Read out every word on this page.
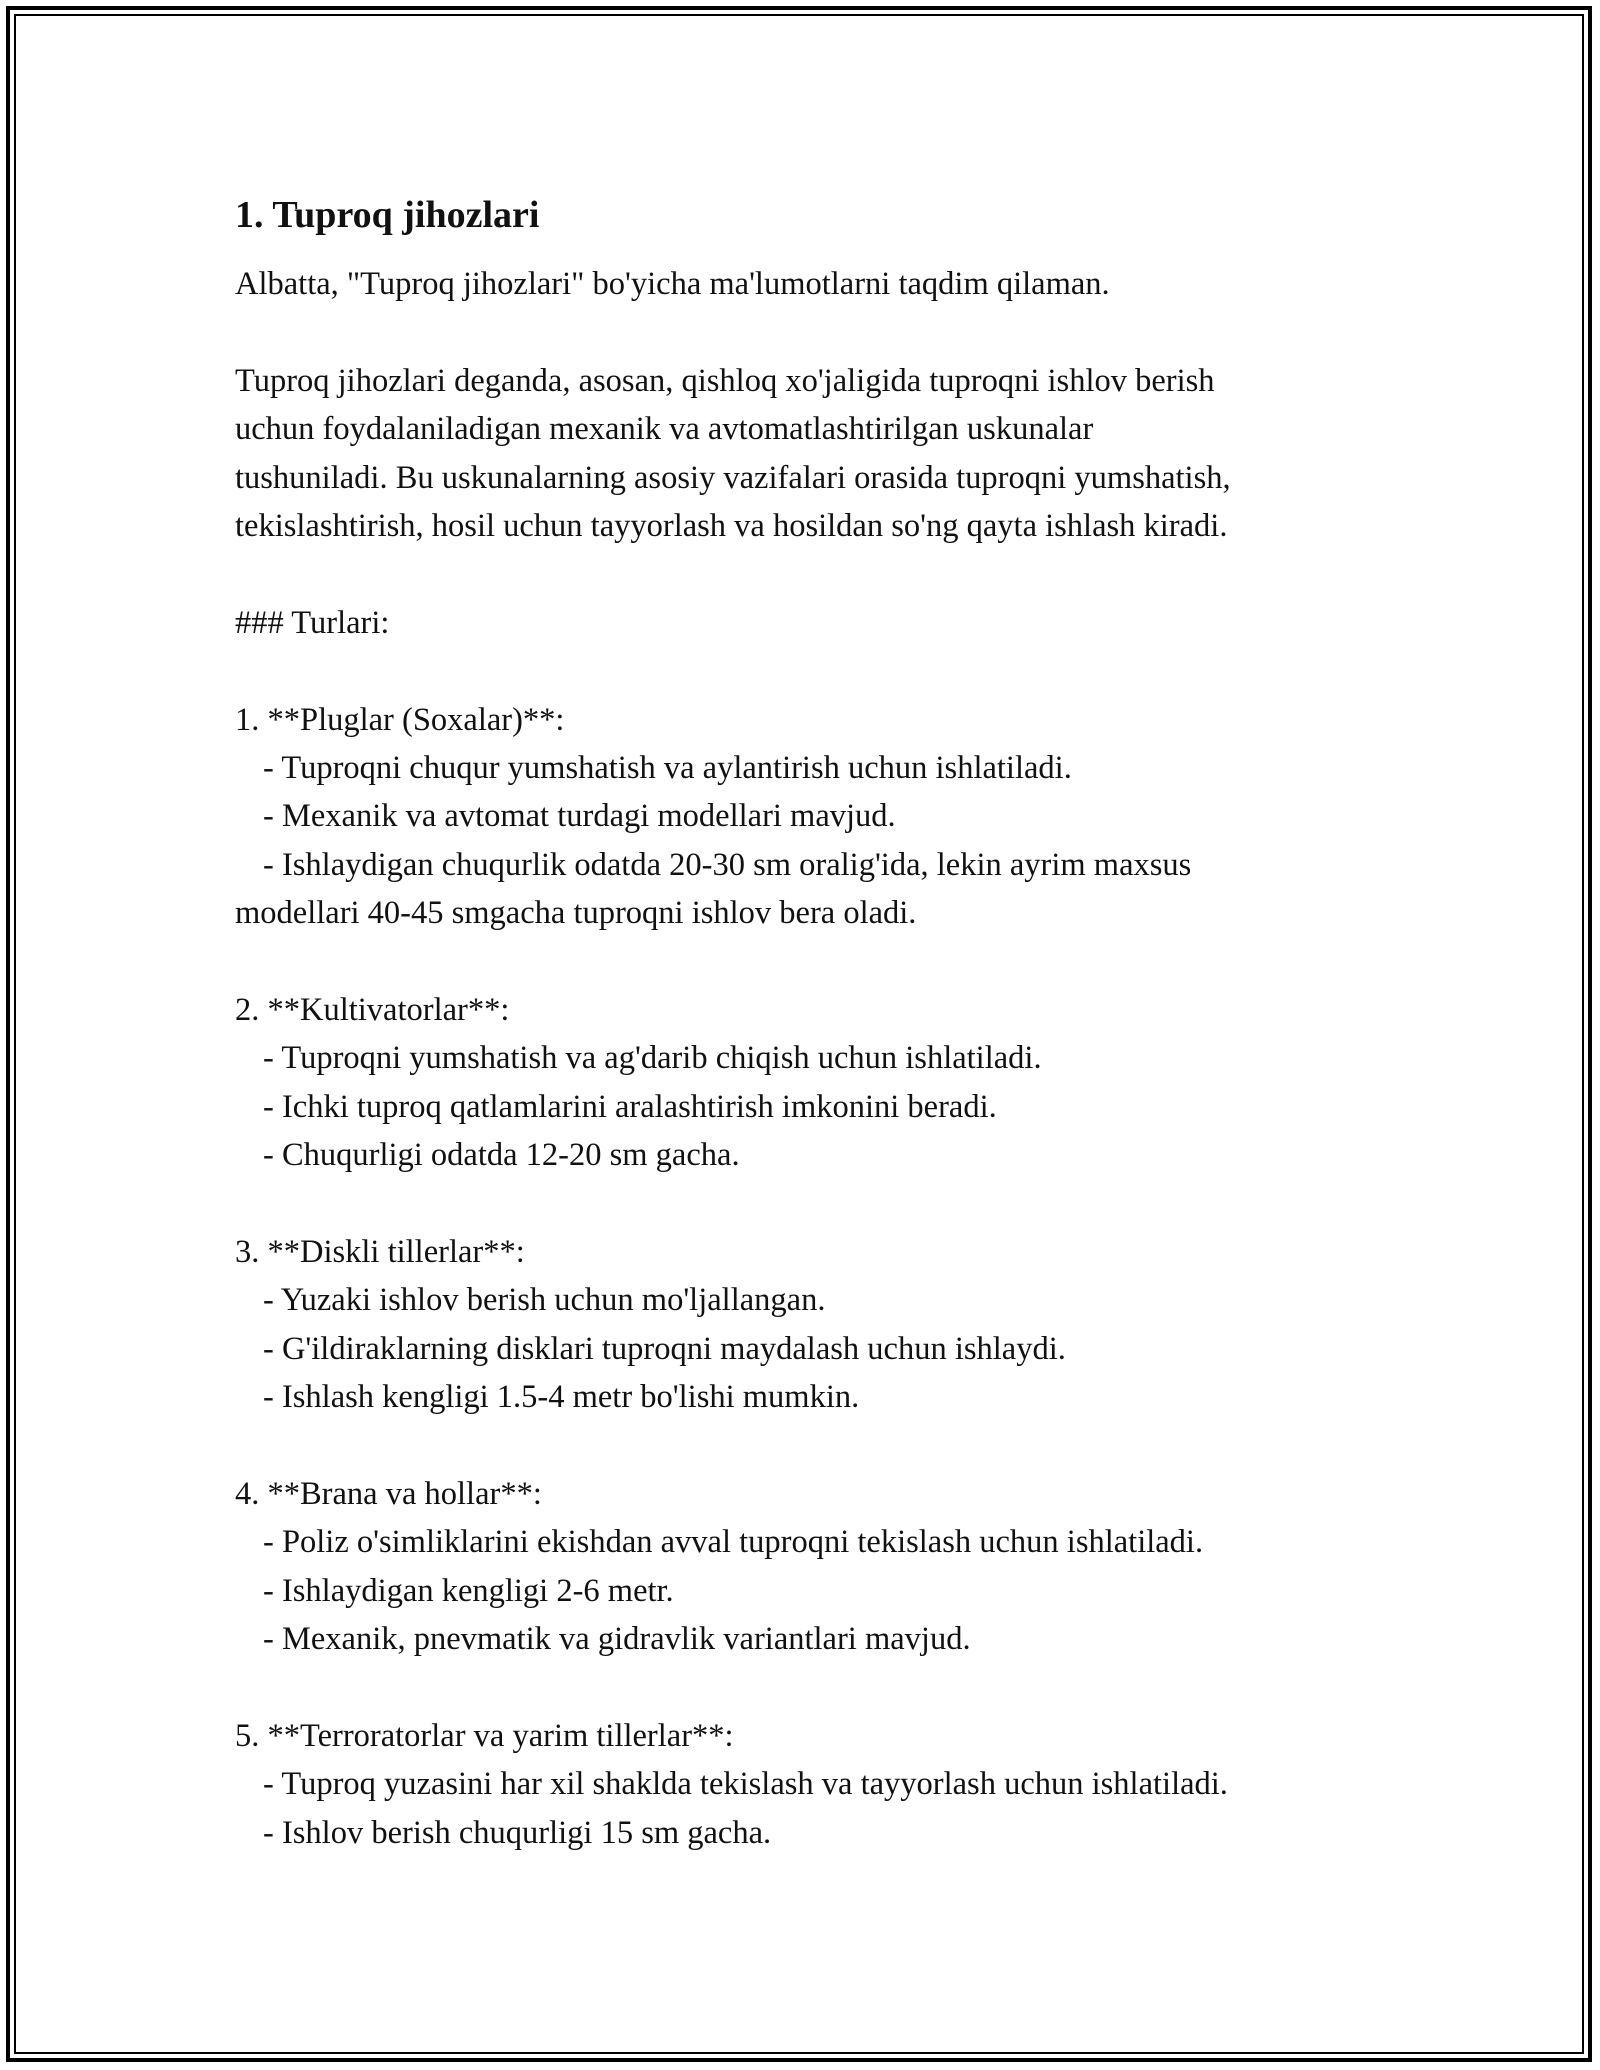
1. Tuproq jihozlari

Albatta, "Tuproq jihozlari" bo'yicha ma'lumotlarni taqdim qilaman.

Tuproq jihozlari deganda, asosan, qishloq xo'jaligida tuproqni ishlov berish

uchun foydalaniladigan mexanik va avtomatlashtirilgan uskunalar

tushuniladi. Bu uskunalarning asosiy vazifalari orasida tuproqni yumshatish,

tekislashtirish, hosil uchun tayyorlash va hosildan so'ng qayta ishlash kiradi.

### Turlari:

1. **Pluglar (Soxalar)**:

- Tuproqni chuqur yumshatish va aylantirish uchun ishlatiladi.

- Mexanik va avtomat turdagi modellari mavjud.

- Ishlaydigan chuqurlik odatda 20-30 sm oralig'ida, lekin ayrim maxsus

modellari 40-45 smgacha tuproqni ishlov bera oladi.

2. **Kultivatorlar**:

- Tuproqni yumshatish va ag'darib chiqish uchun ishlatiladi.

- Ichki tuproq qatlamlarini aralashtirish imkonini beradi.

- Chuqurligi odatda 12-20 sm gacha.

3. **Diskli tillerlar**:

- Yuzaki ishlov berish uchun mo'ljallangan.

- G'ildiraklarning disklari tuproqni maydalash uchun ishlaydi.

- Ishlash kengligi 1.5-4 metr bo'lishi mumkin.

4. **Brana va hollar**:

- Poliz o'simliklarini ekishdan avval tuproqni tekislash uchun ishlatiladi.

- Ishlaydigan kengligi 2-6 metr.

- Mexanik, pnevmatik va gidravlik variantlari mavjud.

5. **Terroratorlar va yarim tillerlar**:

- Tuproq yuzasini har xil shakldа tekislash va tayyorlash uchun ishlatiladi.

- Ishlov berish chuqurligi 15 sm gacha.
